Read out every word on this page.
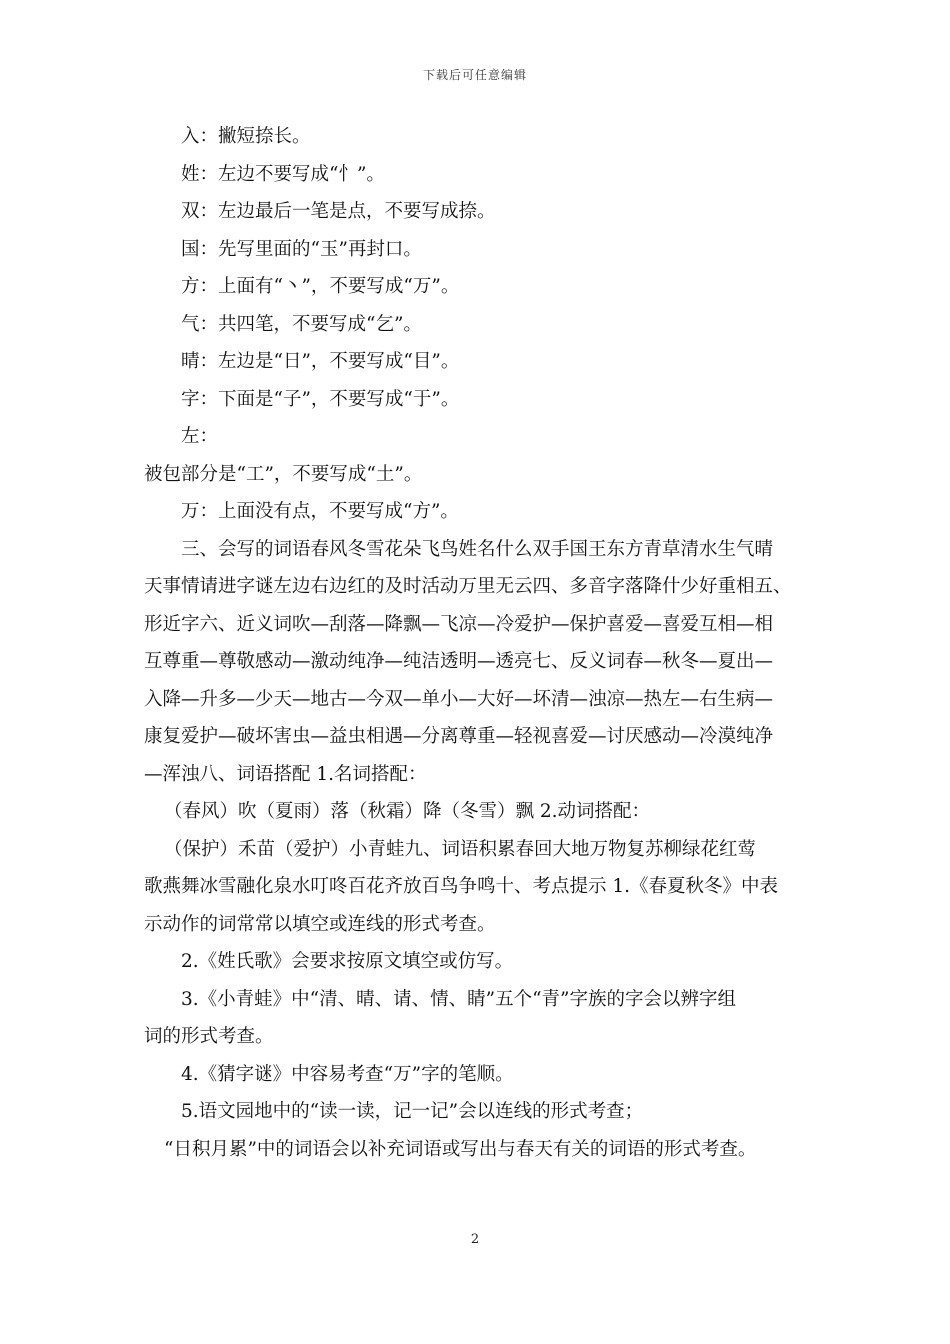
下载后可任意编辑

入：撇短捺长。

姓：左边不要写成“忄”。

双：左边最后一笔是点，不要写成捺。

国：先写里面的“玉”再封口。

方：上面有“丶”，不要写成“万”。

气：共四笔，不要写成“乞”。

晴：左边是“日”，不要写成“目”。

字：下面是“子”，不要写成“于”。

左：

被包部分是“工”，不要写成“土”。

万：上面没有点，不要写成“方”。

三、会写的词语春风冬雪花朵飞鸟姓名什么双手国王东方青草清水生气晴

天事情请进字谜左边右边红的及时活动万里无云四、多音字落降什少好重相五、

形近字六、近义词吹—刮落—降飘—飞凉—冷爱护—保护喜爱—喜爱互相—相

互尊重—尊敬感动—激动纯净—纯洁透明—透亮七、反义词春—秋冬—夏出—

入降—升多—少天—地古—今双—单小—大好—坏清—浊凉—热左—右生病—

康复爱护—破坏害虫—益虫相遇—分离尊重—轻视喜爱—讨厌感动—冷漠纯净

—浑浊八、词语搭配 1.名词搭配：

（春风）吹（夏雨）落（秋霜）降（冬雪）飘 2.动词搭配：

（保护）禾苗（爱护）小青蛙九、词语积累春回大地万物复苏柳绿花红莺

歌燕舞冰雪融化泉水叮咚百花齐放百鸟争鸣十、考点提示 1.《春夏秋冬》中表

示动作的词常常以填空或连线的形式考查。

2.《姓氏歌》会要求按原文填空或仿写。

3.《小青蛙》中“清、晴、请、情、睛”五个“青”字族的字会以辨字组

词的形式考查。

4.《猜字谜》中容易考查“万”字的笔顺。

5.语文园地中的“读一读，记一记”会以连线的形式考查；

“日积月累”中的词语会以补充词语或写出与春天有关的词语的形式考查。

2
